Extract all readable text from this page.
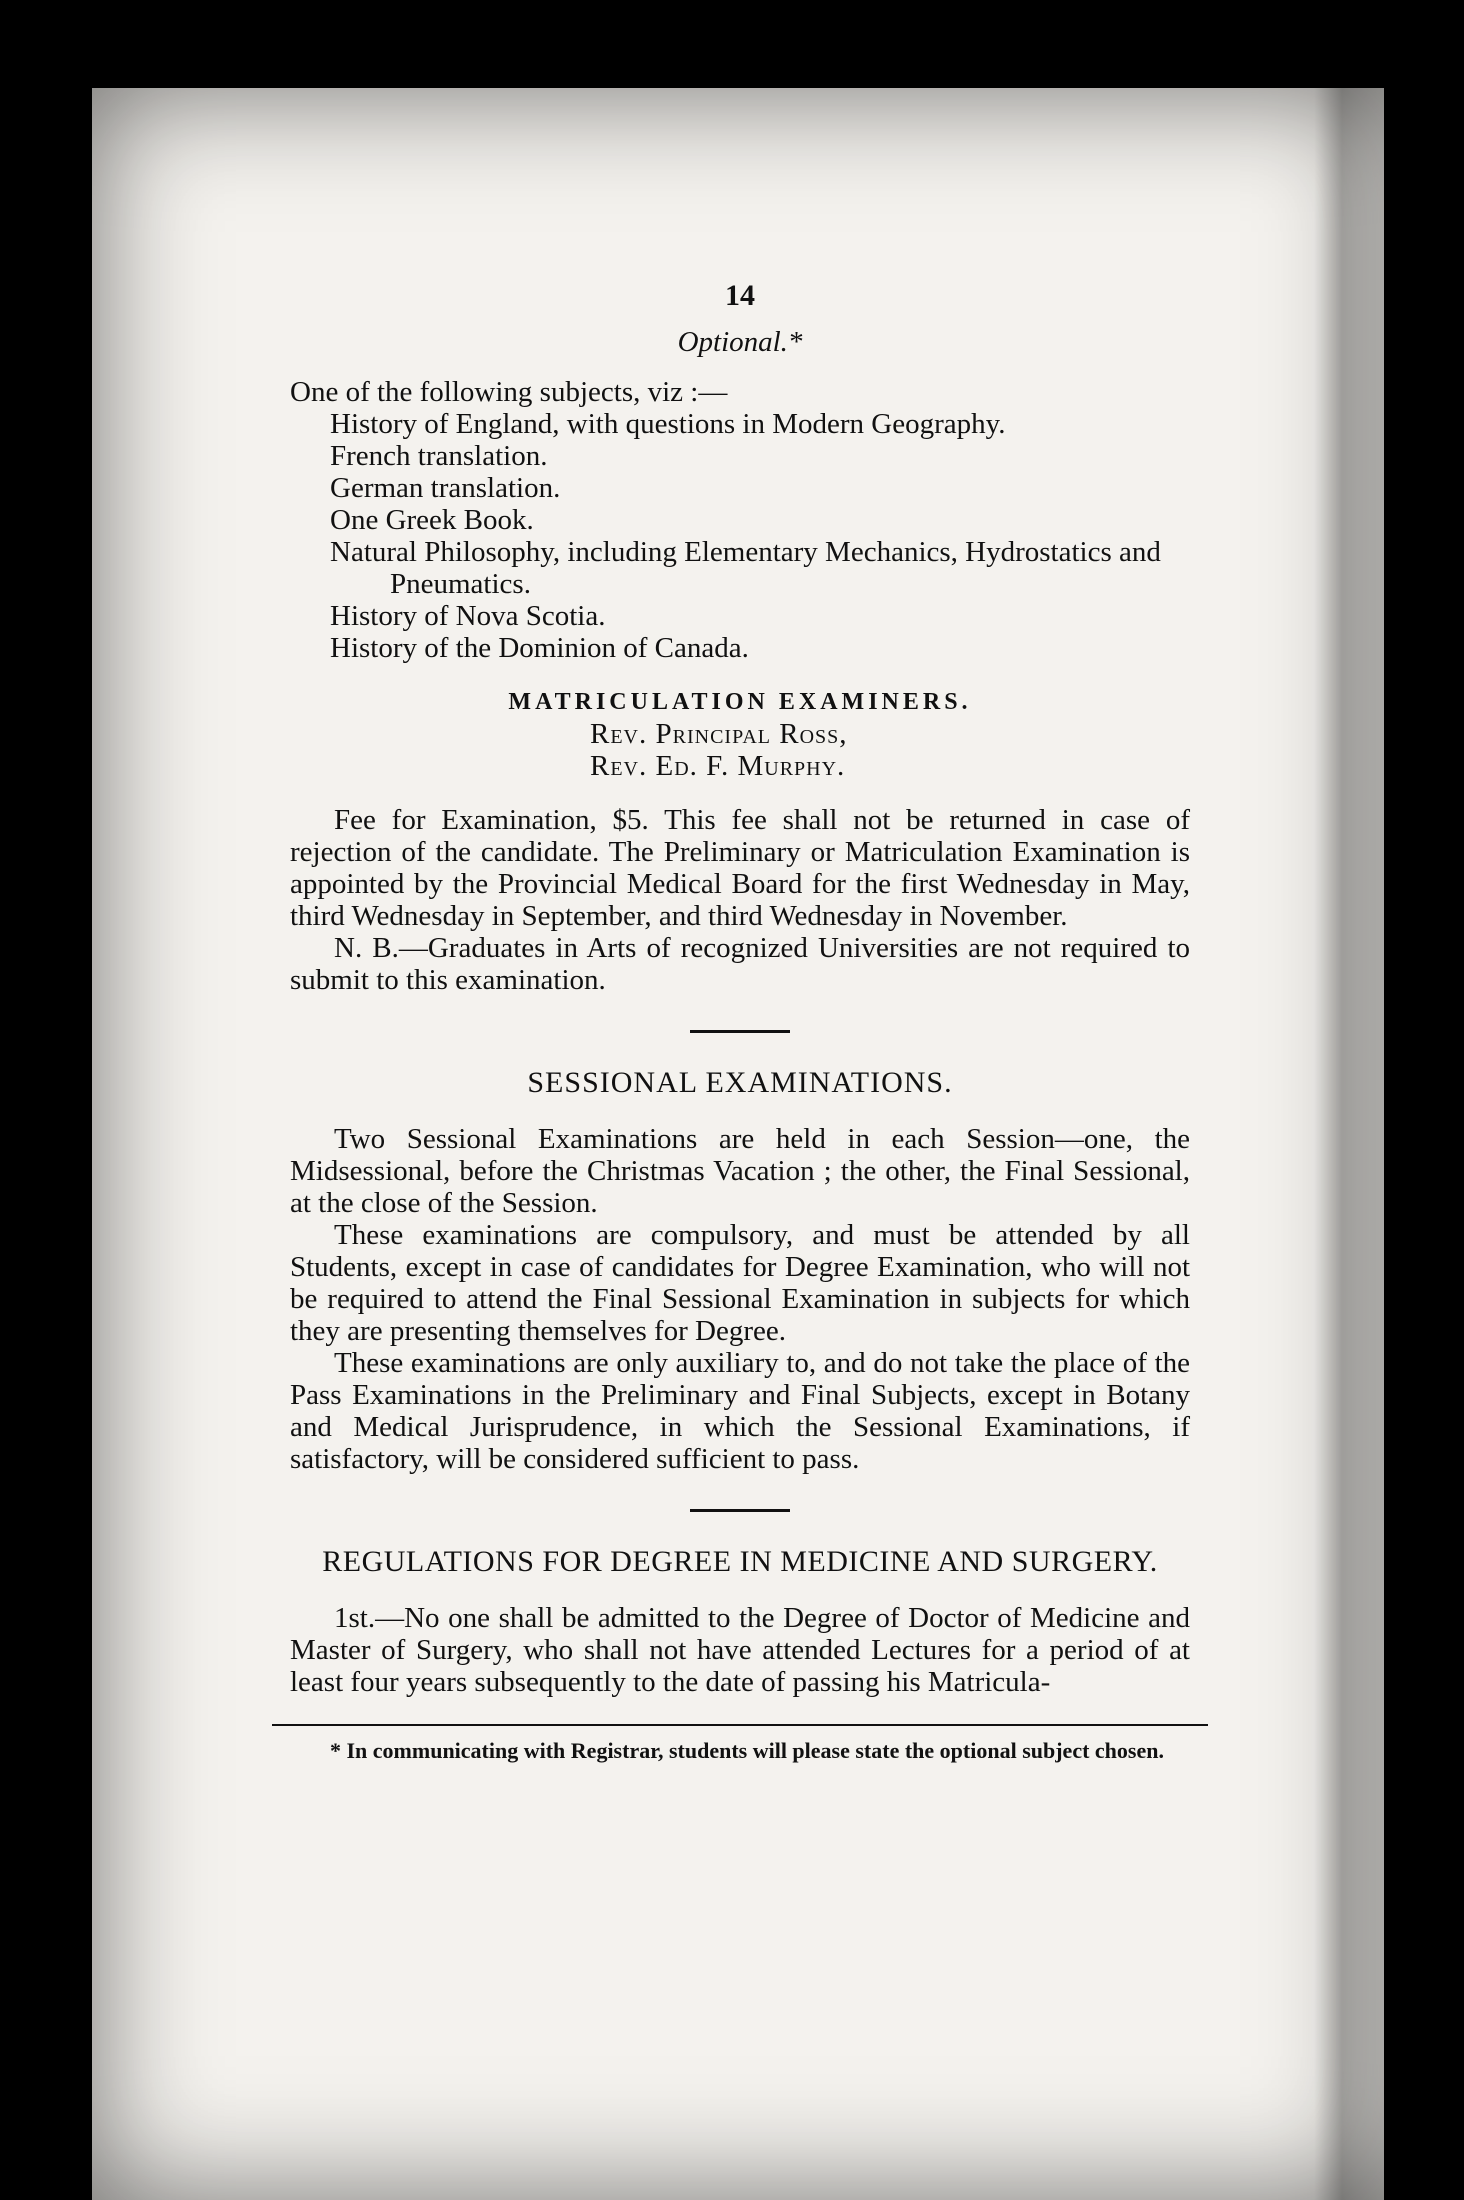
14
Optional.*

One of the following subjects, viz :—

History of England, with questions in Modern Geography.
French translation.
German translation.
One Greek Book.
Natural Philosophy, including Elementary Mechanics, Hydrostatics and Pneumatics.
History of Nova Scotia.
History of the Dominion of Canada.
MATRICULATION EXAMINERS.
Rev. Principal Ross,
Rev. Ed. F. Murphy.

Fee for Examination, $5. This fee shall not be returned in case of rejection of the candidate. The Preliminary or Matriculation Examination is appointed by the Provincial Medical Board for the first Wednesday in May, third Wednesday in September, and third Wednesday in November.

N. B.—Graduates in Arts of recognized Universities are not required to submit to this examination.

SESSIONAL EXAMINATIONS.

Two Sessional Examinations are held in each Session—one, the Midsessional, before the Christmas Vacation ; the other, the Final Sessional, at the close of the Session.

These examinations are compulsory, and must be attended by all Students, except in case of candidates for Degree Examination, who will not be required to attend the Final Sessional Examination in subjects for which they are presenting themselves for Degree.

These examinations are only auxiliary to, and do not take the place of the Pass Examinations in the Preliminary and Final Subjects, except in Botany and Medical Jurisprudence, in which the Sessional Examinations, if satisfactory, will be considered sufficient to pass.

REGULATIONS FOR DEGREE IN MEDICINE AND SURGERY.

1st.—No one shall be admitted to the Degree of Doctor of Medicine and Master of Surgery, who shall not have attended Lectures for a period of at least four years subsequently to the date of passing his Matricula-

* In communicating with Registrar, students will please state the optional subject chosen.
